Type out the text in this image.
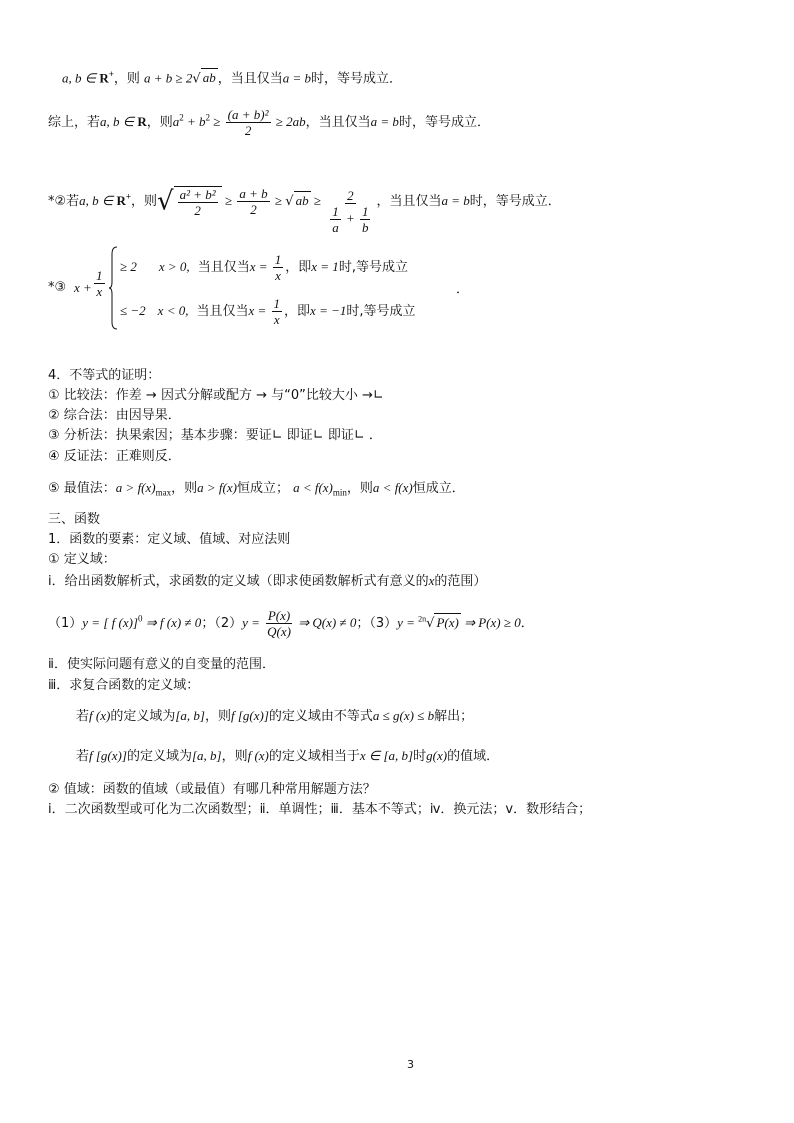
a, b ∈ R+，则 a + b ≥ 2√ ab ，当且仅当a = b时，等号成立．
综上，若a, b ∈ R，则$a^2 + b^2 \ge \frac{\text{(a + b)²}}{2} \ge 2ab$，当且仅当a = b时，等号成立．
*②若a, b ∈ R+，则√ $\frac{\text{a² + b²}}{2} \ge \frac{a + b}{2}$ ≥ √ ab ≥ $\frac{2}{\frac{1}{a} + \frac{1}{b}}$ ，当且仅当a = b时，等号成立．
*③ $x + \frac{1}{x}$
≥ 2 x > 0, 当且仅当$x = \frac{1}{x}$ ，即x = 1时,等号成立
≤ −2 x < 0, 当且仅当$x = \frac{1}{x}$ ，即x = −1时,等号成立
．
4．不等式的证明：
① 比较法：作差 → 因式分解或配方 → 与“0”比较大小 →∟
② 综合法：由因导果．
③ 分析法：执果索因；基本步骤：要证∟ 即证∟ 即证∟ ．
④ 反证法：正难则反．
⑤ 最值法：$a > f(x)_{max}$，则a > f(x)恒成立； $a < f(x)_{min}$，则a < f(x)恒成立．
三、函数
1．函数的要素：定义域、值域、对应法则
① 定义域：
ⅰ．给出函数解析式，求函数的定义域（即求使函数解析式有意义的x的范围）
（1）y = [ f (x)]$^0$ ⇒ f (x) ≠ 0；$(2)y = \frac{P(x)}{Q(x)}$ ⇒ Q(x) ≠ 0；（3）y = $^{2n}$√ P(x) ⇒ P(x) ≥ 0．
ⅱ．使实际问题有意义的自变量的范围．
ⅲ．求复合函数的定义域：
若f (x)的定义域为[a, b]，则f [g(x)]的定义域由不等式a ≤ g(x) ≤ b解出；
若f [g(x)]的定义域为[a, b]，则f (x)的定义域相当于x ∈ [a, b]时g(x)的值域．
② 值域：函数的值域（或最值）有哪几种常用解题方法？
ⅰ．二次函数型或可化为二次函数型；ⅱ．单调性；ⅲ．基本不等式；ⅳ．换元法；ⅴ．数形结合；
3
